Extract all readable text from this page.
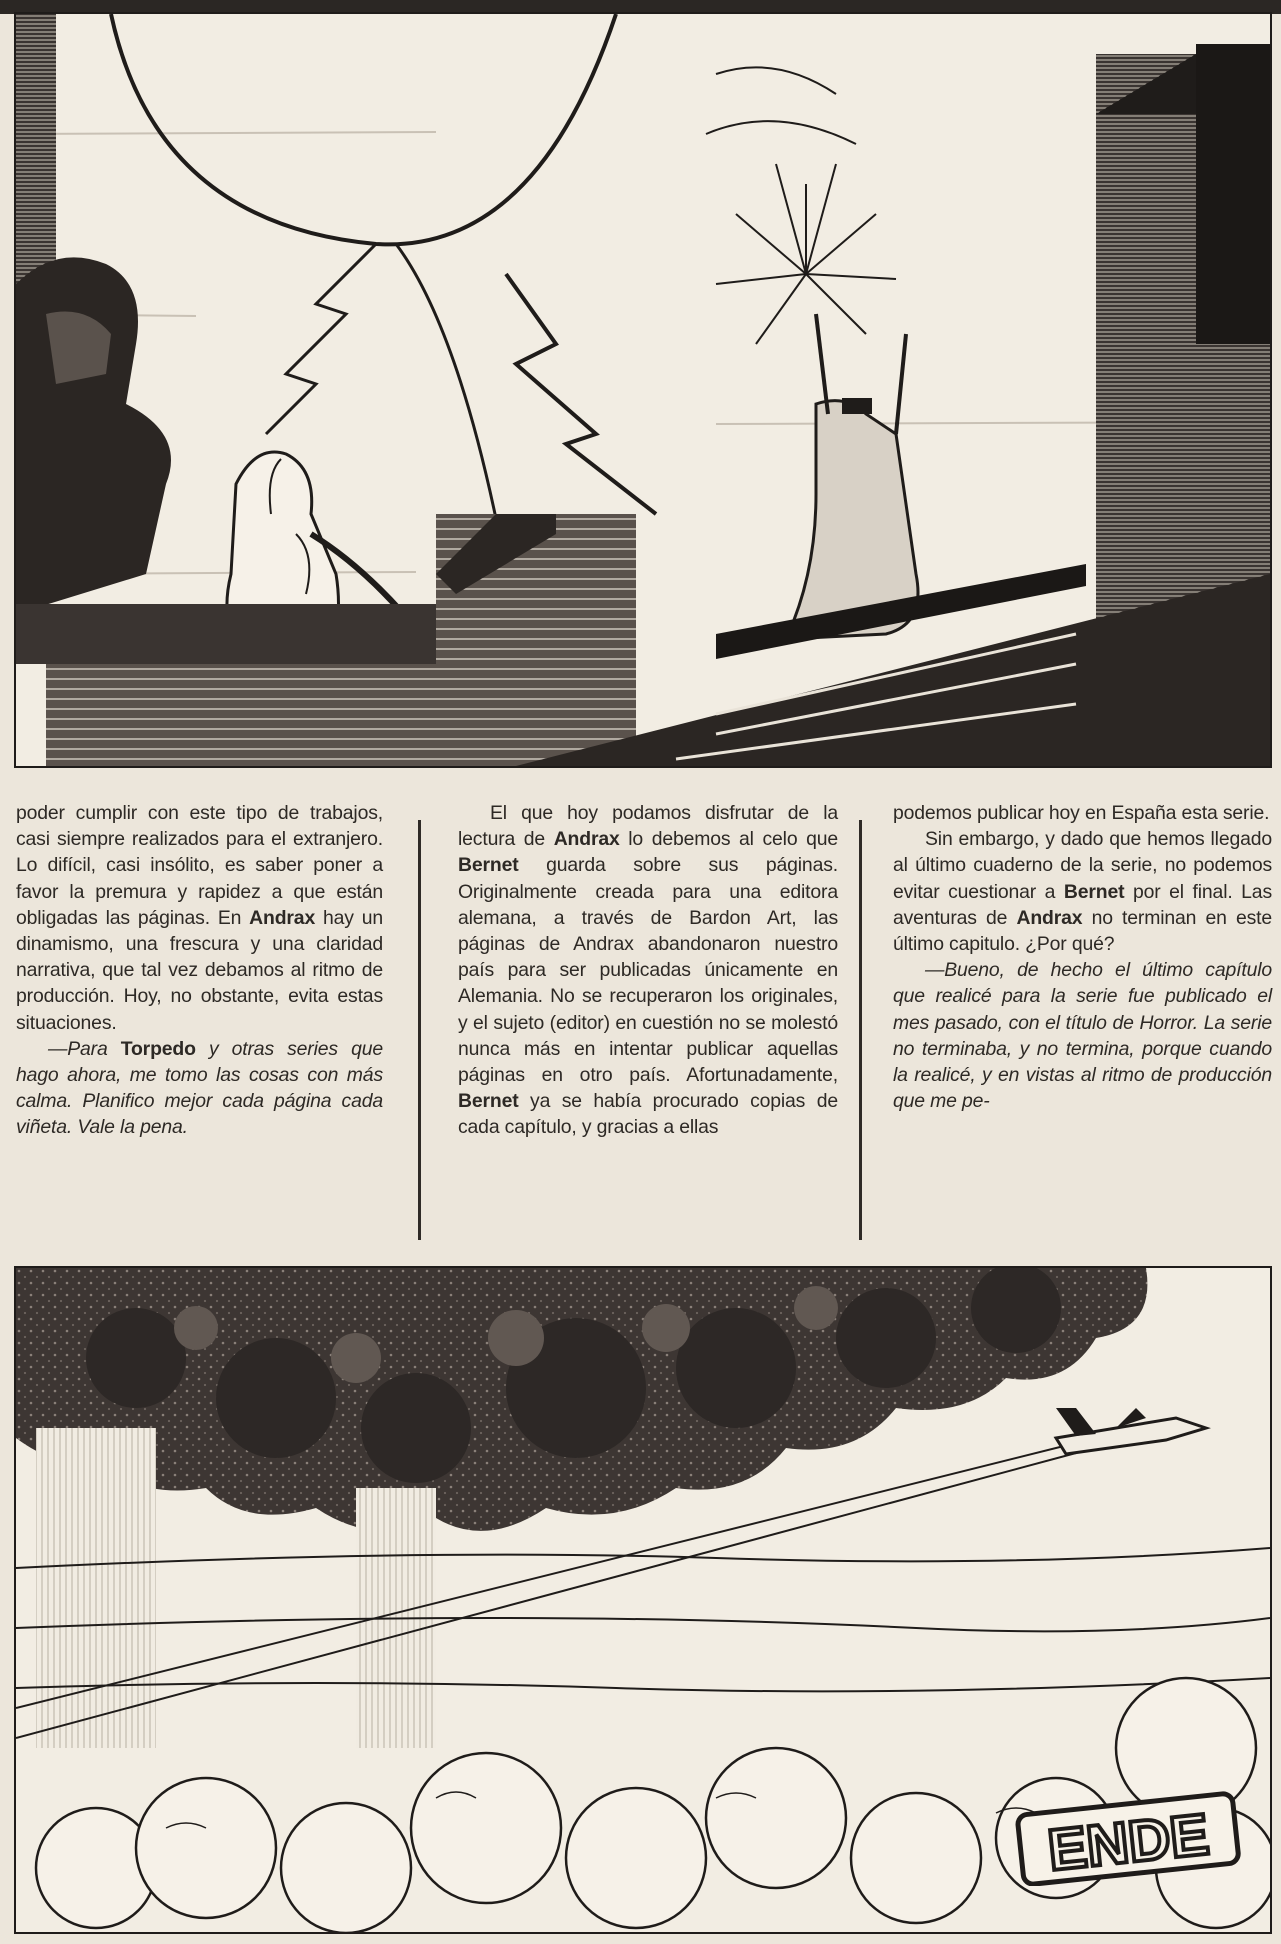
poder cumplir con este tipo de trabajos, casi siempre realizados para el extranjero. Lo difícil, casi insólito, es saber poner a favor la premura y rapidez a que están obligadas las páginas. En Andrax hay un dinamismo, una frescura y una claridad narrativa, que tal vez debamos al ritmo de producción. Hoy, no obstante, evita estas situaciones.

—Para Torpedo y otras series que hago ahora, me tomo las cosas con más calma. Planifico mejor cada página cada viñeta. Vale la pena.

El que hoy podamos disfrutar de la lectura de Andrax lo debemos al celo que Bernet guarda sobre sus páginas. Originalmente creada para una editora alemana, a través de Bardon Art, las páginas de Andrax abandonaron nuestro país para ser publicadas únicamente en Alemania. No se recuperaron los originales, y el sujeto (editor) en cuestión no se molestó nunca más en intentar publicar aquellas páginas en otro país. Afortunadamente, Bernet ya se había procurado copias de cada capítulo, y gracias a ellas

podemos publicar hoy en España esta serie.

Sin embargo, y dado que hemos llegado al último cuaderno de la serie, no podemos evitar cuestionar a Bernet por el final. Las aventuras de Andrax no terminan en este último capitulo. ¿Por qué?

—Bueno, de hecho el último capítulo que realicé para la serie fue publicado el mes pasado, con el título de Horror. La serie no terminaba, y no termina, porque cuando la realicé, y en vistas al ritmo de producción que me pe-

ENDE
